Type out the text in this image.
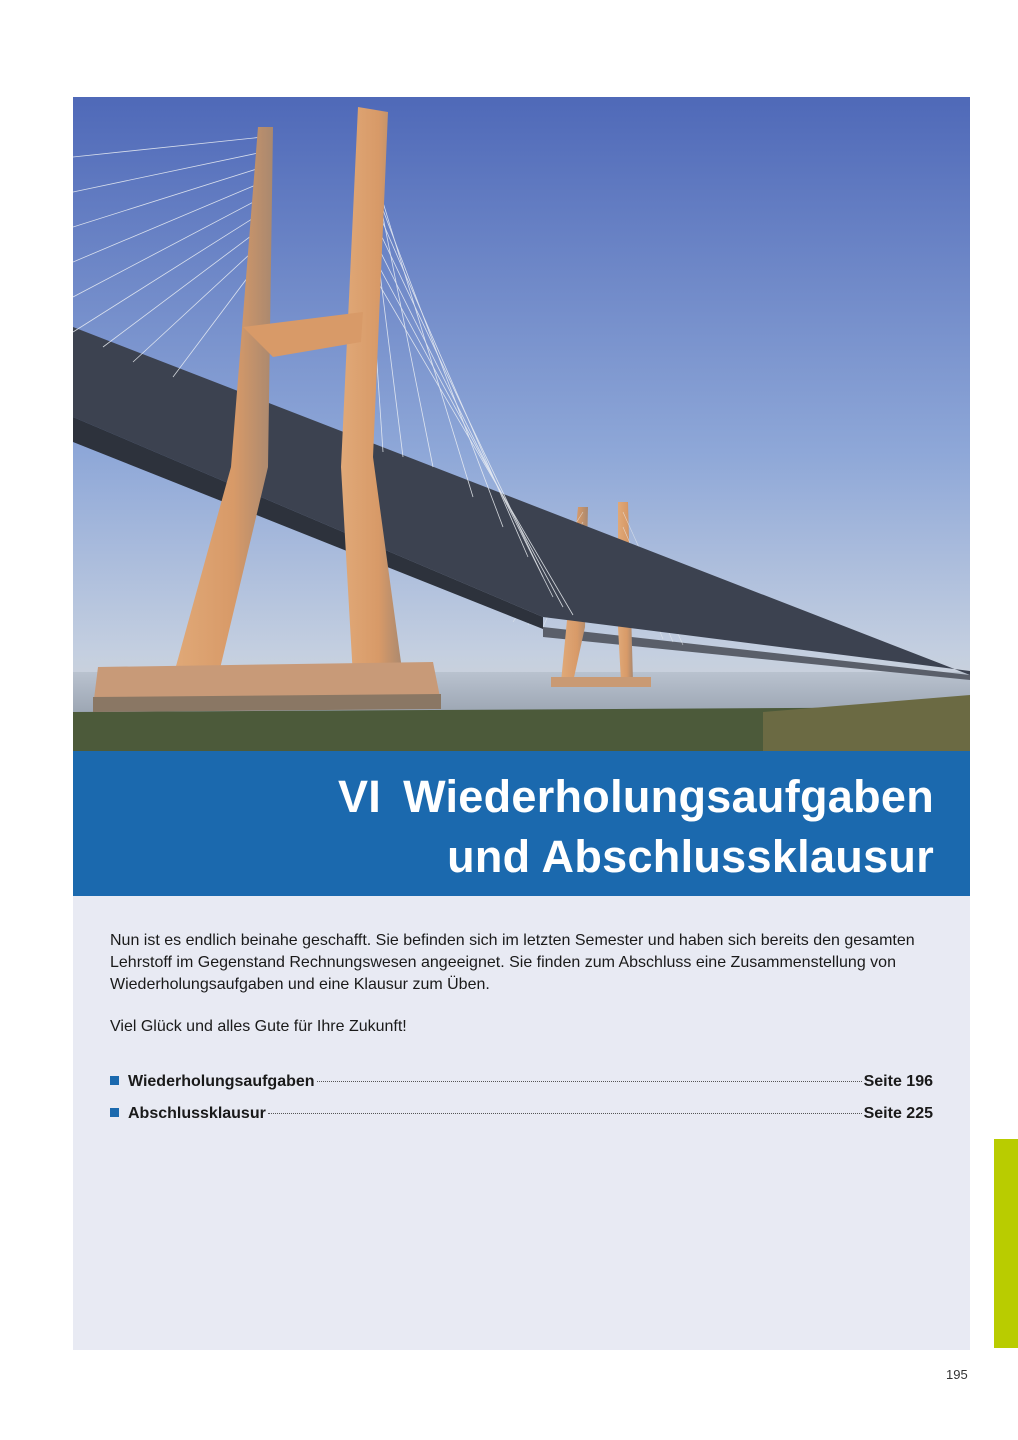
VI Wiederholungsaufgaben
und Abschlussklausur

Nun ist es endlich beinahe geschafft. Sie befinden sich im letzten Semester und haben sich bereits den gesamten Lehrstoff im Gegenstand Rechnungswesen angeeignet. Sie finden zum Abschluss eine Zusammenstellung von Wiederholungsaufgaben und eine Klausur zum Üben.

Viel Glück und alles Gute für Ihre Zukunft!

Wiederholungsaufgaben	Seite 196
Abschlussklausur	Seite 225
195
